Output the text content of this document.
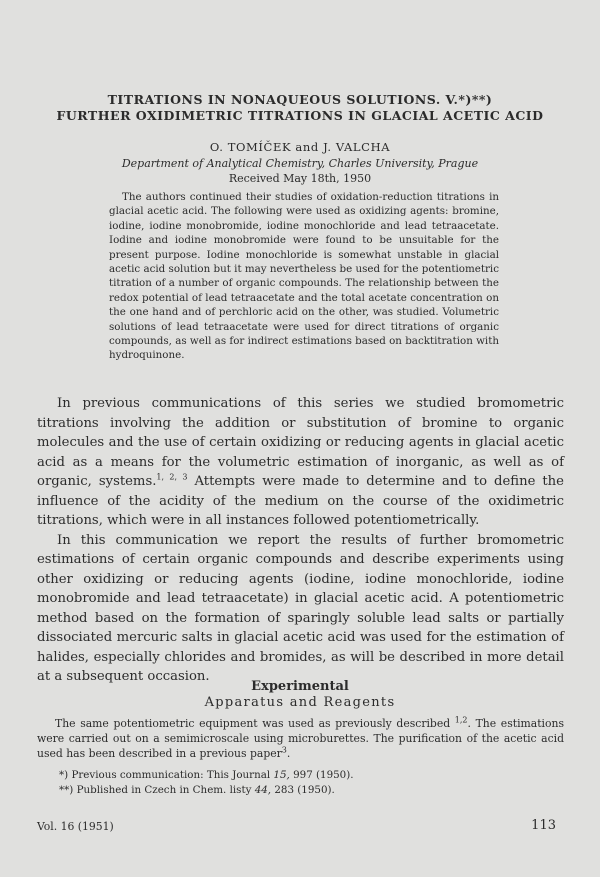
TITRATIONS IN NONAQUEOUS SOLUTIONS. V.*)**)
FURTHER OXIDIMETRIC TITRATIONS IN GLACIAL ACETIC ACID
O. TOMÍČEK and J. VALCHA
Department of Analytical Chemistry, Charles University, Prague
Received May 18th, 1950

The authors continued their studies of oxidation-reduction titrations in glacial acetic acid. The following were used as oxidizing agents: bromine, iodine, iodine monobromide, iodine monochloride and lead tetraacetate. Iodine and iodine monobromide were found to be unsuitable for the present purpose. Iodine monochloride is somewhat unstable in glacial acetic acid solution but it may nevertheless be used for the potentiometric titration of a number of organic compounds. The relationship between the redox potential of lead tetraacetate and the total acetate concentration on the one hand and of perchloric acid on the other, was studied. Volumetric solutions of lead tetraacetate were used for direct titrations of organic compounds, as well as for indirect estimations based on backtitration with hydroquinone.

In previous communications of this series we studied bromometric titrations involving the addition or substitution of bromine to organic molecules and the use of certain oxidizing or reducing agents in glacial acetic acid as a means for the volumetric estimation of inorganic, as well as of organic, systems.$^{1, 2, 3}$ Attempts were made to determine and to define the influence of the acidity of the medium on the course of the oxidimetric titrations, which were in all instances followed potentiometrically.

In this communication we report the results of further bromometric estimations of certain organic compounds and describe experiments using other oxidizing or reducing agents (iodine, iodine monochloride, iodine monobromide and lead tetraacetate) in glacial acetic acid. A potentiometric method based on the formation of sparingly soluble lead salts or partially dissociated mercuric salts in glacial acetic acid was used for the estimation of halides, especially chlorides and bromides, as will be described in more detail at a subsequent occasion.

Experimental
Apparatus and Reagents

The same potentiometric equipment was used as previously described $^{1,2}$. The estimations were carried out on a semimicroscale using microburettes. The purification of the acetic acid used has been described in a previous paper$^3$.

*) Previous communication: This Journal 15, 997 (1950).
**) Published in Czech in Chem. listy 44, 283 (1950).
Vol. 16 (1951)	113
